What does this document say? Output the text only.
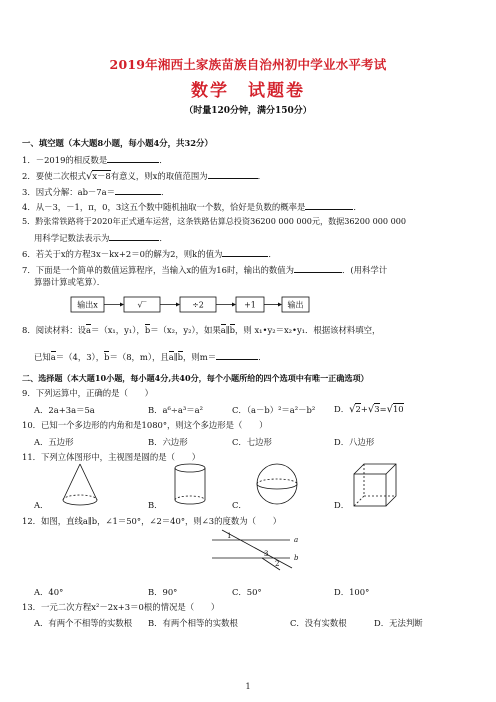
2019年湘西土家族苗族自治州初中学业水平考试
数学　试题卷
（时量120分钟，满分150分）
一、填空题（本大题8小题，每小题4分，共32分）
1．－2019的相反数是	．
2．要使二次根式√x－8有意义，则x的取值范围为	．
3．因式分解：ab－7a＝	．
4．从－3，－1，π，0，3这五个数中随机抽取一个数，恰好是负数的概率是	．
5．黔张常铁路将于2020年正式通车运营，这条铁路估算总投资36200 000 000元，数据36200 000 000
用科学记数法表示为	．
6．若关于x的方程3x－kx+2＝0的解为2，则k的值为	．
7．下面是一个简单的数值运算程序，当输入x的值为16时，输出的数值为	．(用科学计
算器计算或笔算）．
输出x	√‾	÷2	+1	输出
8．阅读材料：设a＝（x₁，y₁），b＝（x₂，y₂），如果a∥b，则 x₁•y₂＝x₂•y₁．根据该材料填空，
已知a＝（4，3），b＝（8，m），且a∥b，则m＝	．
二、选择题（本大题10小题，每小题4分,共40分，每个小题所给的四个选项中有唯一正确选项）
9．下列运算中，正确的是（　　）
A．2a+3a＝5a	B．a⁶÷a³＝a²	C．（a－b）²＝a²－b² D．√2+√3=√10
10．已知一个多边形的内角和是1080°，则这个多边形是（　　）
A．五边形	B．六边形	C．七边形	D．八边形
11．下列立体图形中，主视图是圆的是（　　）
A．	B．	C．	D．
12．如图，直线a∥b，∠1＝50°，∠2＝40°，则∠3的度数为（　　）
1
3
2
a
b
A．40°	B．90°	C．50°	D．100°
13．一元二次方程x²－2x+3＝0根的情况是（　　）
A．有两个不相等的实数根 B．有两个相等的实数根	C．没有实数根	D．无法判断
1
